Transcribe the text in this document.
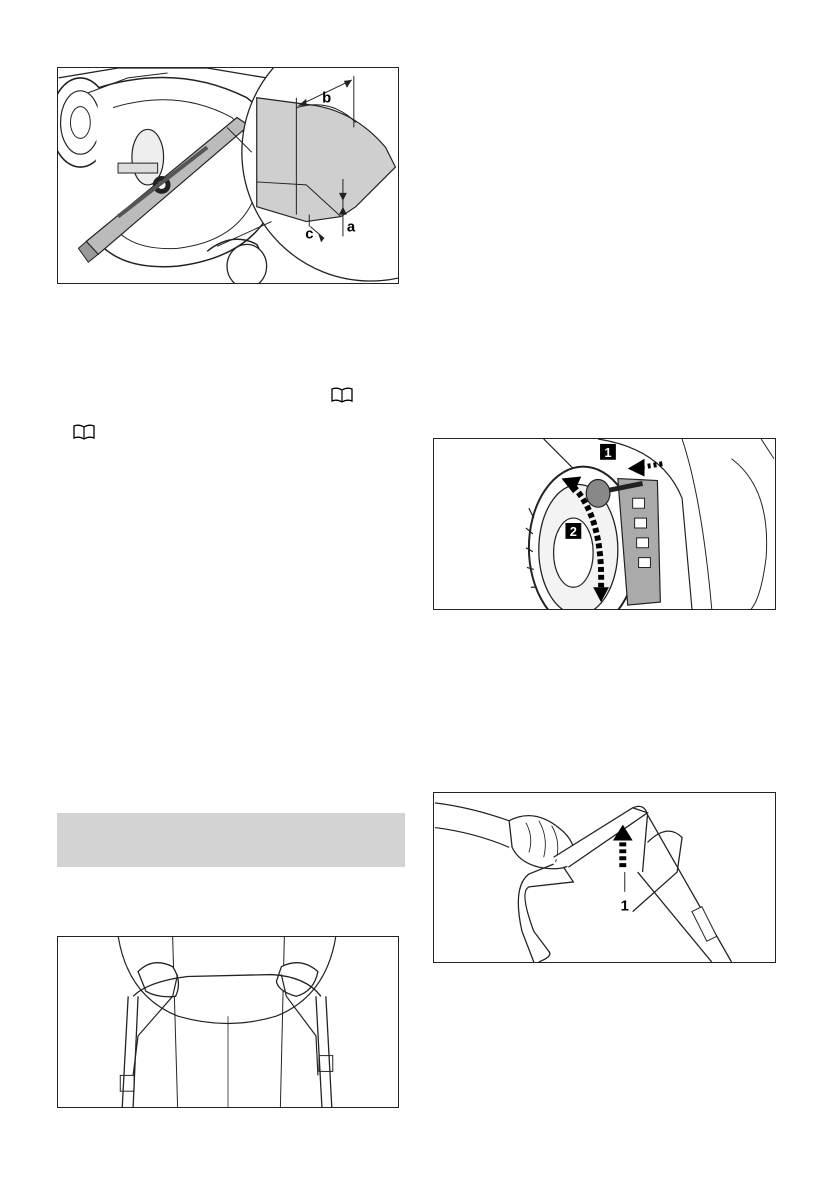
b
a
c
1
2
1
